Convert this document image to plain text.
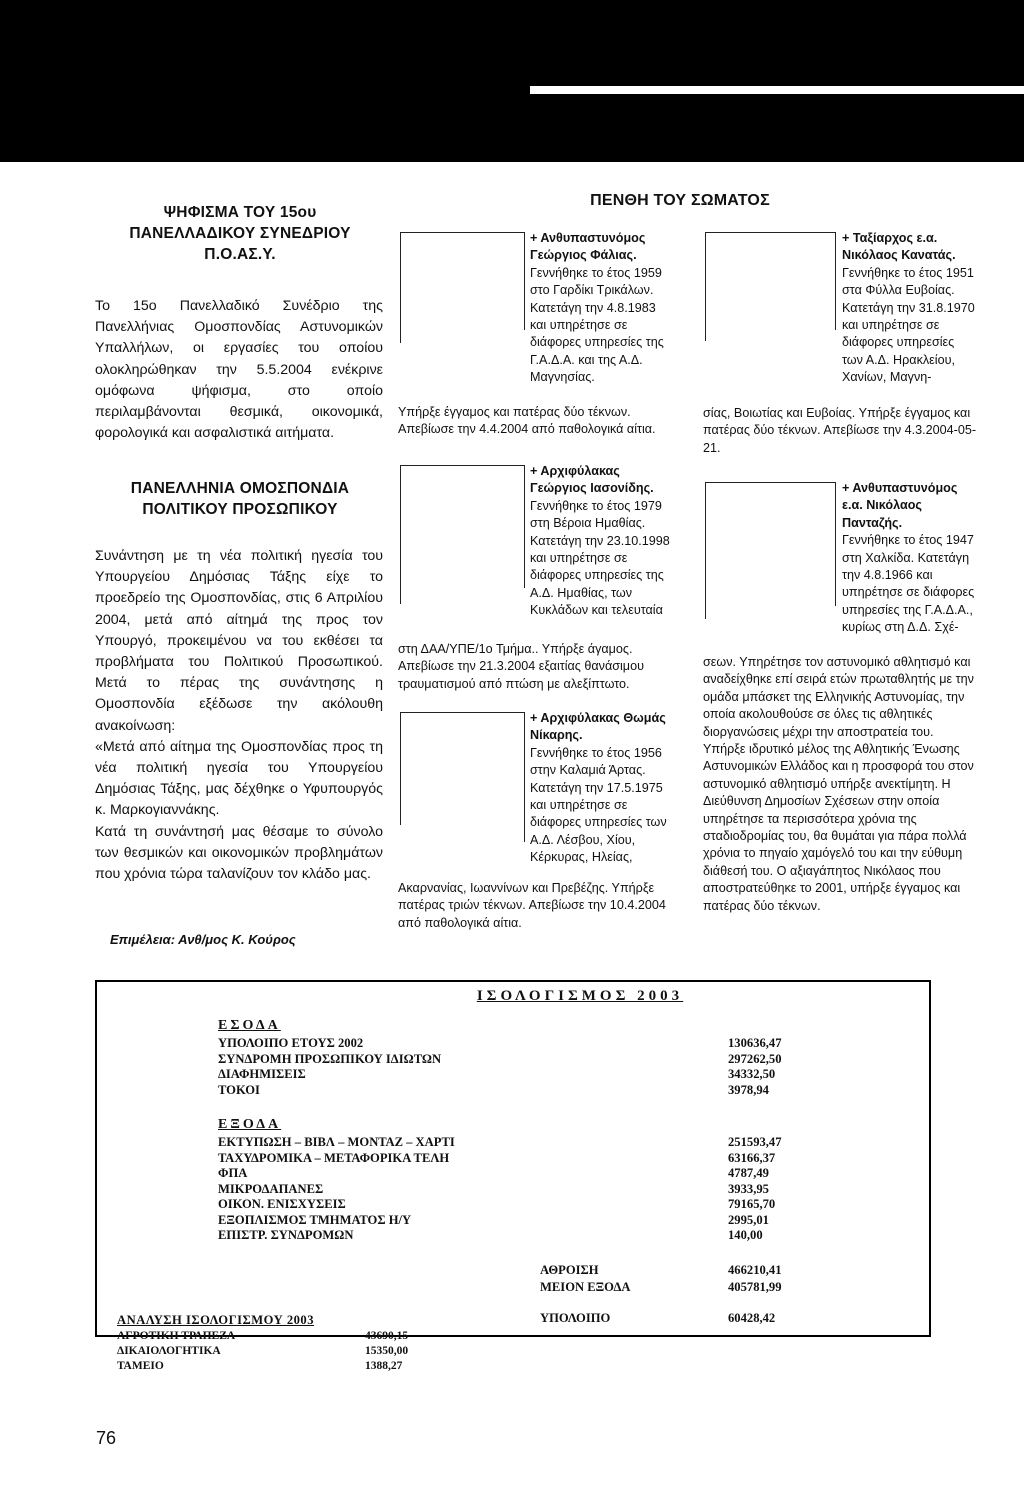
ΨΗΦΙΣΜΑ ΤΟΥ 15ου
ΠΑΝΕΛΛΑΔΙΚΟΥ ΣΥΝΕΔΡΙΟΥ
Π.Ο.ΑΣ.Υ.

Το 15ο Πανελλαδικό Συνέδριο της Πανελλήνιας Ομοσπονδίας Αστυνομικών Υπαλλήλων, οι εργασίες του οποίου ολοκληρώθηκαν την 5.5.2004 ενέκρινε ομόφωνα ψήφισμα, στο οποίο περιλαμβάνονται θεσμικά, οικονομικά, φορολογικά και ασφαλιστικά αιτήματα.

ΠΑΝΕΛΛΗΝΙΑ ΟΜΟΣΠΟΝΔΙΑ
ΠΟΛΙΤΙΚΟΥ ΠΡΟΣΩΠΙΚΟΥ

Συνάντηση με τη νέα πολιτική ηγεσία του Υπουργείου Δημόσιας Τάξης είχε το προεδρείο της Ομοσπονδίας, στις 6 Απριλίου 2004, μετά από αίτημά της προς τον Υπουργό, προκειμένου να του εκθέσει τα προβλήματα του Πολιτικού Προσωπικού. Μετά το πέρας της συνάντησης η Ομοσπονδία εξέδωσε την ακόλουθη ανακοίνωση:

«Μετά από αίτημα της Ομοσπονδίας προς τη νέα πολιτική ηγεσία του Υπουργείου Δημόσιας Τάξης, μας δέχθηκε ο Υφυπουργός κ. Μαρκογιαννάκης.

Κατά τη συνάντησή μας θέσαμε το σύνολο των θεσμικών και οικονομικών προβλημάτων που χρόνια τώρα ταλανίζουν τον κλάδο μας.

Επιμέλεια: Ανθ/μος Κ. Κούρος
ΠΕΝΘΗ ΤΟΥ ΣΩΜΑΤΟΣ

+ Ανθυπαστυνόμος Γεώργιος Φάλιας.

Γεννήθηκε το έτος 1959 στο Γαρδίκι Τρικάλων. Κατετάγη την 4.8.1983 και υπηρέτησε σε διάφορες υπηρεσίες της Γ.Α.Δ.Α. και της Α.Δ. Μαγνησίας.

Υπήρξε έγγαμος και πατέρας δύο τέκνων. Απεβίωσε την 4.4.2004 από παθολογικά αίτια.

+ Αρχιφύλακας Γεώργιος Ιασονίδης.

Γεννήθηκε το έτος 1979 στη Βέροια Ημαθίας. Κατετάγη την 23.10.1998 και υπηρέτησε σε διάφορες υπηρεσίες της Α.Δ. Ημαθίας, των Κυκλάδων και τελευταία

στη ΔΑΑ/ΥΠΕ/1ο Τμήμα.. Υπήρξε άγαμος. Απεβίωσε την 21.3.2004 εξαιτίας θανάσιμου τραυματισμού από πτώση με αλεξίπτωτο.

+ Αρχιφύλακας Θωμάς Νίκαρης.

Γεννήθηκε το έτος 1956 στην Καλαμιά Άρτας. Κατετάγη την 17.5.1975 και υπηρέτησε σε διάφορες υπηρεσίες των Α.Δ. Λέσβου, Χίου, Κέρκυρας, Ηλείας,

Ακαρνανίας, Ιωαννίνων και Πρεβέζης. Υπήρξε πατέρας τριών τέκνων. Απεβίωσε την 10.4.2004 από παθολογικά αίτια.

+ Ταξίαρχος ε.α. Νικόλαος Κανατάς.

Γεννήθηκε το έτος 1951 στα Φύλλα Ευβοίας. Κατετάγη την 31.8.1970 και υπηρέτησε σε διάφορες υπηρεσίες των Α.Δ. Ηρακλείου, Χανίων, Μαγνη-

σίας, Βοιωτίας και Ευβοίας. Υπήρξε έγγαμος και πατέρας δύο τέκνων. Απεβίωσε την 4.3.2004-05-21.

+ Ανθυπαστυνόμος ε.α. Νικόλαος Πανταζής.

Γεννήθηκε το έτος 1947 στη Χαλκίδα. Κατετάγη την 4.8.1966 και υπηρέτησε σε διάφορες υπηρεσίες της Γ.Α.Δ.Α., κυρίως στη Δ.Δ. Σχέ-

σεων. Υπηρέτησε τον αστυνομικό αθλητισμό και αναδείχθηκε επί σειρά ετών πρωταθλητής με την ομάδα μπάσκετ της Ελληνικής Αστυνομίας, την οποία ακολουθούσε σε όλες τις αθλητικές διοργανώσεις μέχρι την αποστρατεία του. Υπήρξε ιδρυτικό μέλος της Αθλητικής Ένωσης Αστυνομικών Ελλάδος και η προσφορά του στον αστυνομικό αθλητισμό υπήρξε ανεκτίμητη. Η Διεύθυνση Δημοσίων Σχέσεων στην οποία υπηρέτησε τα περισσότερα χρόνια της σταδιοδρομίας του, θα θυμάται για πάρα πολλά χρόνια το πηγαίο χαμόγελό του και την εύθυμη διάθεσή του. Ο αξιαγάπητος Νικόλαος που αποστρατεύθηκε το 2001, υπήρξε έγγαμος και πατέρας δύο τέκνων.
ΙΣΟΛΟΓΙΣΜΟΣ 2003
ΕΣΟΔΑ
ΥΠΟΛΟΙΠΟ ΕΤΟΥΣ 2002	130636,47
ΣΥΝΔΡΟΜΗ ΠΡΟΣΩΠΙΚΟΥ ΙΔΙΩΤΩΝ	297262,50
ΔΙΑΦΗΜΙΣΕΙΣ	34332,50
ΤΟΚΟΙ	3978,94
ΕΞΟΔΑ
ΕΚΤΥΠΩΣΗ – ΒΙΒΛ – ΜΟΝΤΑΖ – ΧΑΡΤΙ	251593,47
ΤΑΧΥΔΡΟΜΙΚΑ – ΜΕΤΑΦΟΡΙΚΑ ΤΕΛΗ	63166,37
ΦΠΑ	4787,49
ΜΙΚΡΟΔΑΠΑΝΕΣ	3933,95
ΟΙΚΟΝ. ΕΝΙΣΧΥΣΕΙΣ	79165,70
ΕΞΟΠΛΙΣΜΟΣ ΤΜΗΜΑΤΟΣ Η/Υ	2995,01
ΕΠΙΣΤΡ. ΣΥΝΔΡΟΜΩΝ	140,00
ΑΘΡΟΙΣΗ	466210,41
ΜΕΙΟΝ ΕΞΟΔΑ	405781,99
ΥΠΟΛΟΙΠΟ	60428,42
ΑΝΑΛΥΣΗ ΙΣΟΛΟΓΙΣΜΟΥ 2003
ΑΓΡΟΤΙΚΗ ΤΡΑΠΕΖΑ	43690,15
ΔΙΚΑΙΟΛΟΓΗΤΙΚΑ	15350,00
ΤΑΜΕΙΟ	1388,27
76
